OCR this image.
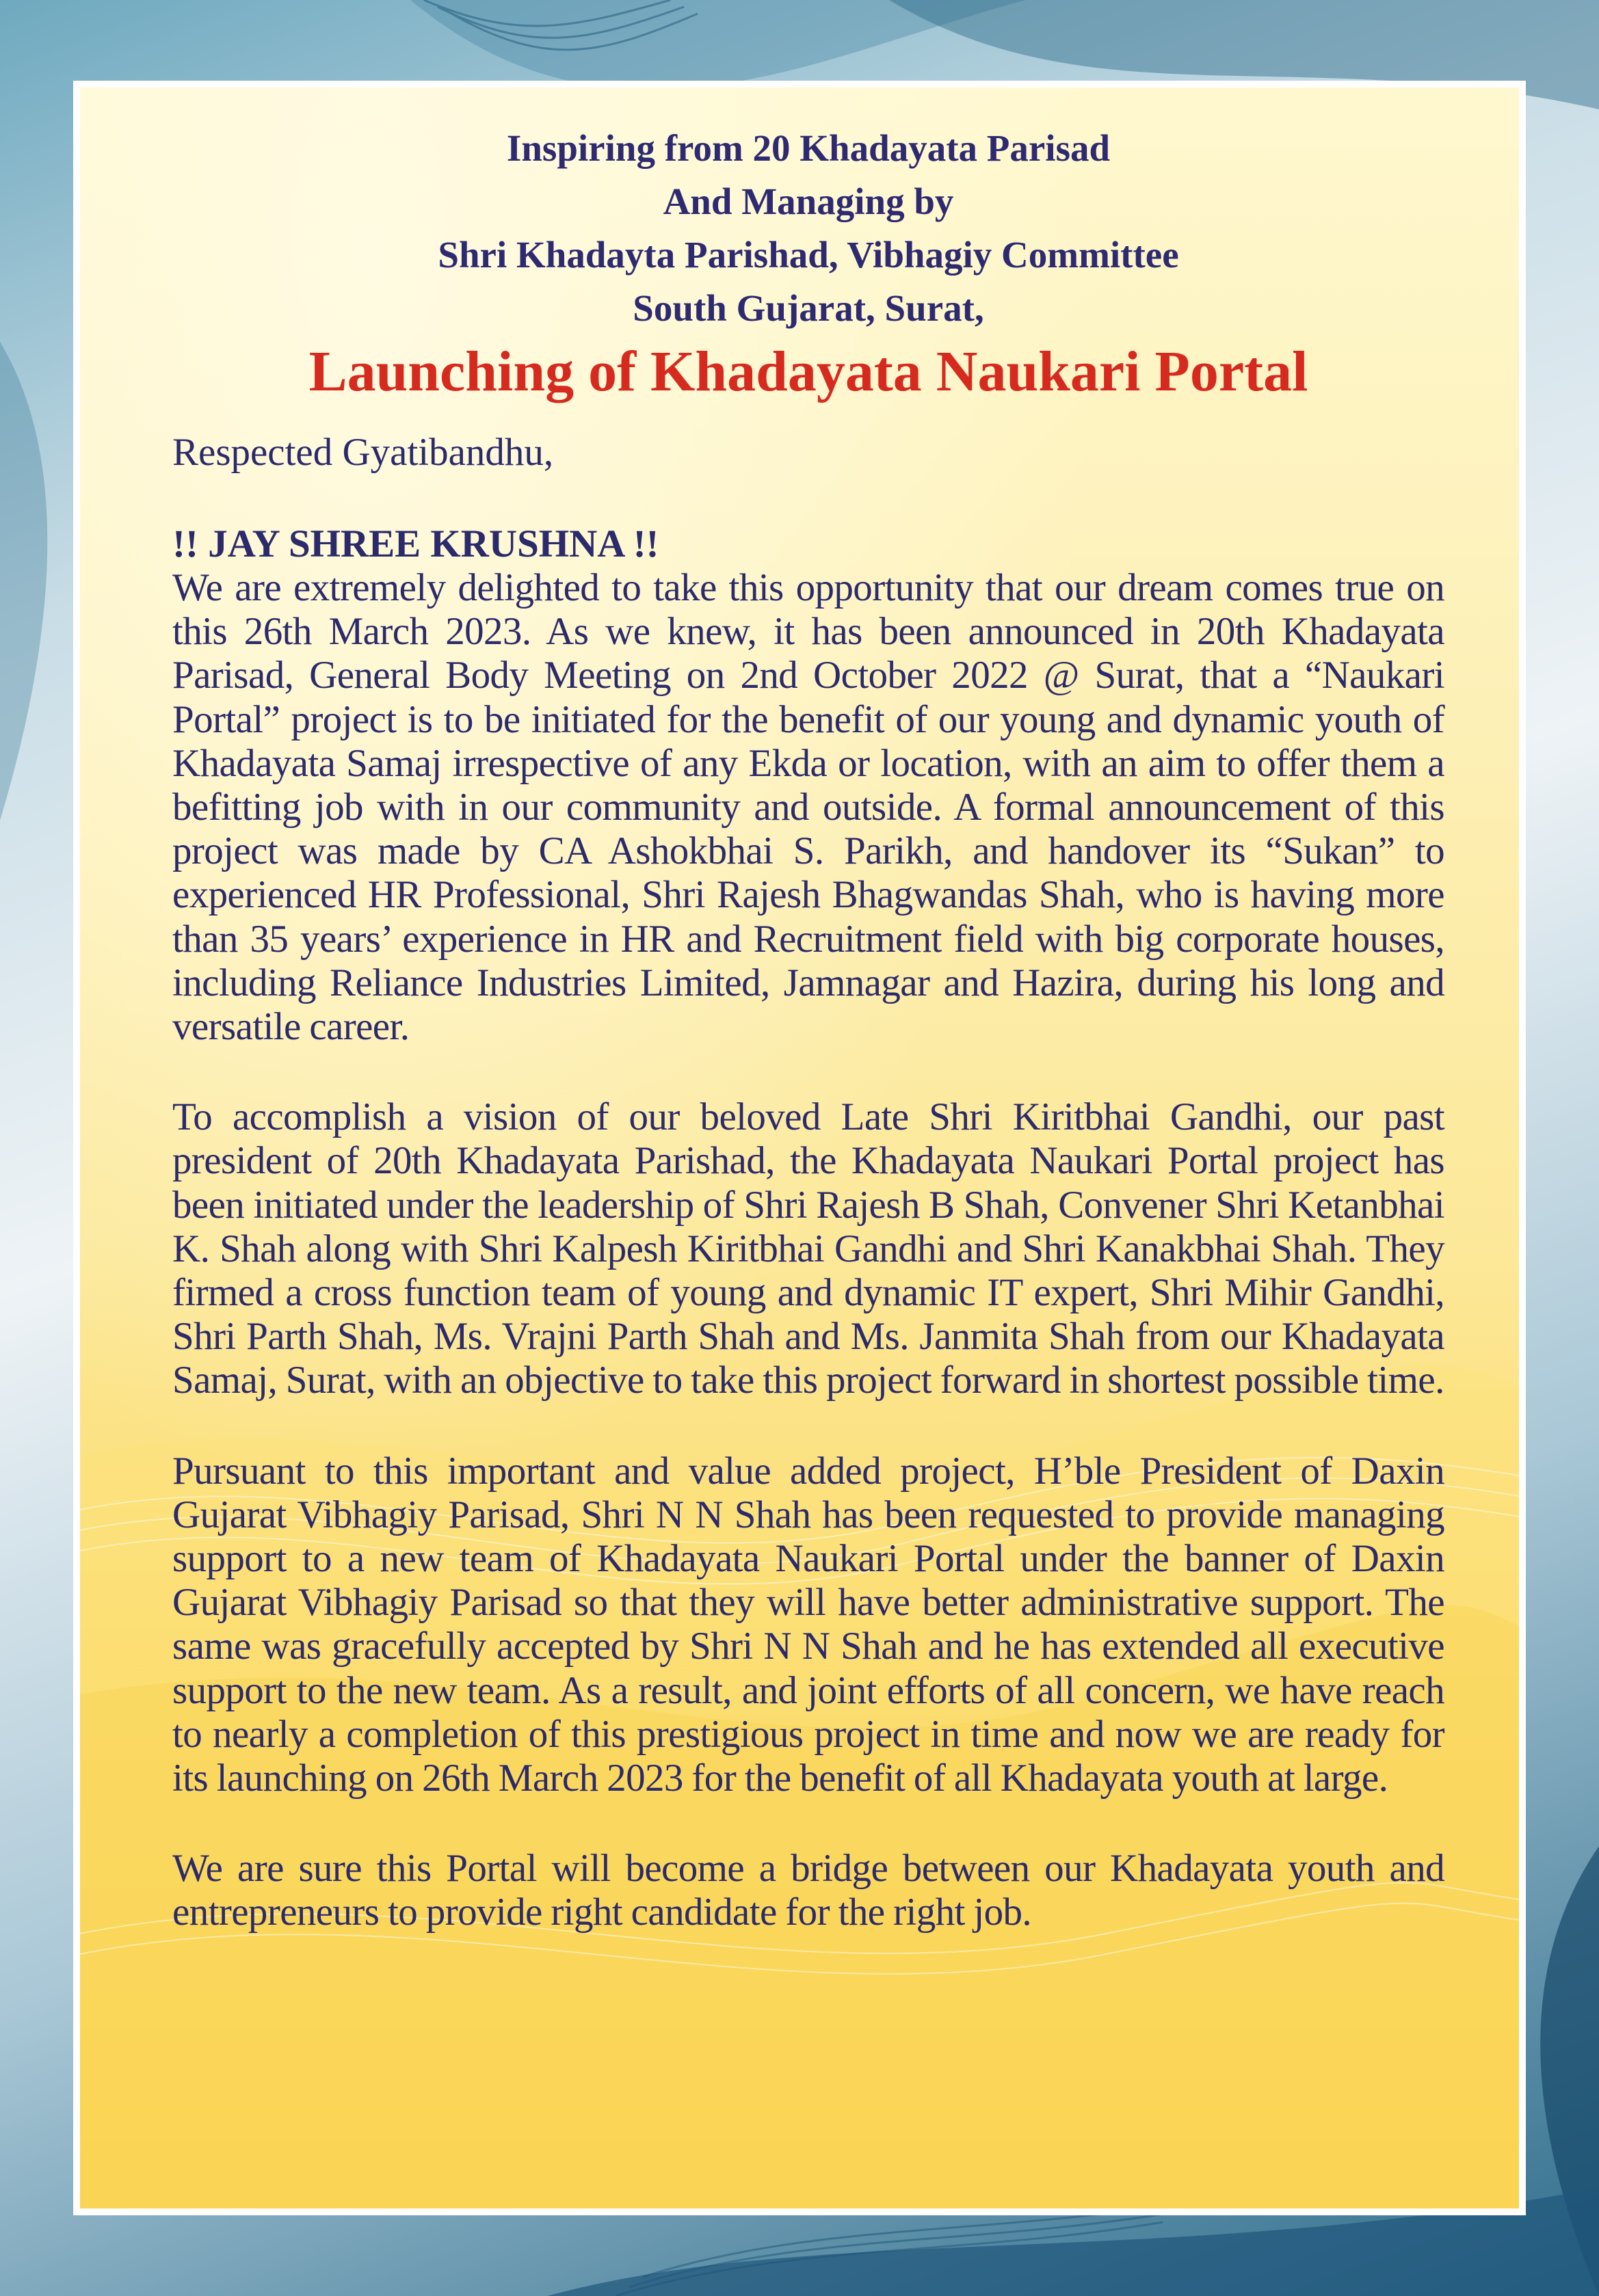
Inspiring from 20 Khadayata Parisad
And Managing by
Shri Khadayta Parishad, Vibhagiy Committee
South Gujarat, Surat,
Launching of Khadayata Naukari Portal
Respected Gyatibandhu,
!! JAY SHREE KRUSHNA !!
We are extremely delighted to take this opportunity that our dream comes true on this 26th March 2023. As we knew, it has been announced in 20th Khadayata Parisad, General Body Meeting on 2nd October 2022 @ Surat, that a “Naukari Portal” project is to be initiated for the benefit of our young and dynamic youth of Khadayata Samaj irrespective of any Ekda or location, with an aim to offer them a befitting job with in our community and outside. A formal announcement of this project was made by CA Ashokbhai S. Parikh, and handover its “Sukan” to experienced HR Professional, Shri Rajesh Bhagwandas Shah, who is having more than 35 years’ experience in HR and Recruitment field with big corporate houses, including Reliance Industries Limited, Jamnagar and Hazira, during his long and versatile career.
To accomplish a vision of our beloved Late Shri Kiritbhai Gandhi, our past president of 20th Khadayata Parishad, the Khadayata Naukari Portal project has been initiated under the leadership of Shri Rajesh B Shah, Convener Shri Ketanbhai K. Shah along with Shri Kalpesh Kiritbhai Gandhi and Shri Kanakbhai Shah. They firmed a cross function team of young and dynamic IT expert, Shri Mihir Gandhi, Shri Parth Shah, Ms. Vrajni Parth Shah and Ms. Janmita Shah from our Khadayata Samaj, Surat, with an objective to take this project forward in shortest possible time.
Pursuant to this important and value added project, H’ble President of Daxin Gujarat Vibhagiy Parisad, Shri N N Shah has been requested to provide managing support to a new team of Khadayata Naukari Portal under the banner of Daxin Gujarat Vibhagiy Parisad so that they will have better administrative support. The same was gracefully accepted by Shri N N Shah and he has extended all executive support to the new team. As a result, and joint efforts of all concern, we have reach to nearly a completion of this prestigious project in time and now we are ready for its launching on 26th March 2023 for the benefit of all Khadayata youth at large.
We are sure this Portal will become a bridge between our Khadayata youth and entrepreneurs to provide right candidate for the right job.
